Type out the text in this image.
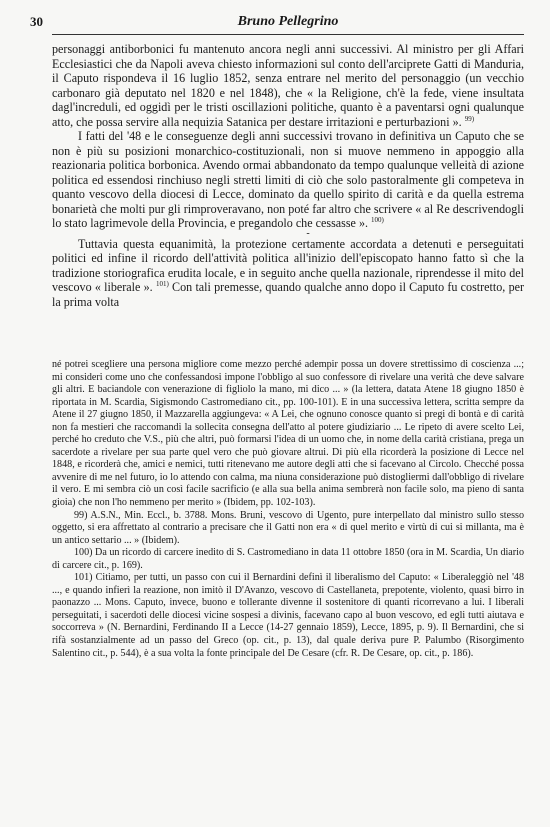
30	Bruno Pellegrino

personaggi antiborbonici fu mantenuto ancora negli anni successivi. Al ministro per gli Affari Ecclesiastici che da Napoli aveva chiesto informazioni sul conto dell'arciprete Gatti di Manduria, il Caputo rispondeva il 16 luglio 1852, senza entrare nel merito del personaggio (un vecchio carbonaro già deputato nel 1820 e nel 1848), che « la Religione, ch'è la fede, viene insultata dagl'increduli, ed oggidì per le tristi oscillazioni politiche, quanto è a paventarsi ogni qualunque atto, che possa servire alla nequizia Satanica per destare irritazioni e perturbazioni ». $^{99)}$

I fatti del '48 e le conseguenze degli anni successivi trovano in definitiva un Caputo che se non è più su posizioni monarchico-costituzionali, non si muove nemmeno in appoggio alla reazionaria politica borbonica. Avendo ormai abbandonato da tempo qualunque velleità di azione politica ed essendosi rinchiuso negli stretti limiti di ciò che solo pastoralmente gli competeva in quanto vescovo della diocesi di Lecce, dominato da quello spirito di carità e da quella estrema bonarietà che molti pur gli rimproveravano, non poté far altro che scrivere « al Re descrivendogli lo stato lagrimevole della Provincia, e pregandolo che cessasse ». $^{100)}$

-

Tuttavia questa equanimità, la protezione certamente accordata a detenuti e perseguitati politici ed infine il ricordo dell'attività politica all'inizio dell'episcopato hanno fatto sì che la tradizione storiografica erudita locale, e in seguito anche quella nazionale, riprendesse il mito del vescovo « liberale ». $^{101)}$ Con tali premesse, quando qualche anno dopo il Caputo fu costretto, per la prima volta

né potrei scegliere una persona migliore come mezzo perché adempir possa un dovere strettissimo di coscienza ...; mi consideri come uno che confessandosi impone l'obbligo al suo confessore di rivelare una verità che deve salvare gli altri. E baciandole con venerazione di figliolo la mano, mi dico ... » (la lettera, datata Atene 18 giugno 1850 è riportata in M. Scardia, Sigismondo Castromediano cit., pp. 100-101). E in una successiva lettera, scritta sempre da Atene il 27 giugno 1850, il Mazzarella aggiungeva: « A Lei, che ognuno conosce quanto si pregi di bontà e di carità non fa mestieri che raccomandi la sollecita consegna dell'atto al potere giudiziario ... Le ripeto di avere scelto Lei, perché ho creduto che V.S., più che altri, può formarsi l'idea di un uomo che, in nome della carità cristiana, prega un sacerdote a rivelare per sua parte quel vero che può giovare altrui. Di più ella ricorderà la posizione di Lecce nel 1848, e ricorderà che, amici e nemici, tutti ritenevano me autore degli atti che si facevano al Circolo. Checché possa avvenire di me nel futuro, io lo attendo con calma, ma niuna considerazione può distogliermi dall'obbligo di rivelare il vero. E mi sembra ciò un così facile sacrificio (e alla sua bella anima sembrerà non facile solo, ma pieno di santa gioia) che non l'ho nemmeno per merito » (Ibidem, pp. 102-103).

99) A.S.N., Min. Eccl., b. 3788. Mons. Bruni, vescovo di Ugento, pure interpellato dal ministro sullo stesso oggetto, si era affrettato al contrario a precisare che il Gatti non era « di quel merito e virtù di cui si millanta, ma è un antico settario ... » (Ibidem).

100) Da un ricordo di carcere inedito di S. Castromediano in data 11 ottobre 1850 (ora in M. Scardia, Un diario di carcere cit., p. 169).

101) Citiamo, per tutti, un passo con cui il Bernardini definì il liberalismo del Caputo: « Liberaleggiò nel '48 ..., e quando infierì la reazione, non imitò il D'Avanzo, vescovo di Castellaneta, prepotente, violento, quasi birro in paonazzo ... Mons. Caputo, invece, buono e tollerante divenne il sostenitore di quanti ricorrevano a lui. I liberali perseguitati, i sacerdoti delle diocesi vicine sospesi a divinis, facevano capo al buon vescovo, ed egli tutti aiutava e soccorreva » (N. Bernardini, Ferdinando II a Lecce (14-27 gennaio 1859), Lecce, 1895, p. 9). Il Bernardini, che si rifà sostanzialmente ad un passo del Greco (op. cit., p. 13), dal quale deriva pure P. Palumbo (Risorgimento Salentino cit., p. 544), è a sua volta la fonte principale del De Cesare (cfr. R. De Cesare, op. cit., p. 186).
